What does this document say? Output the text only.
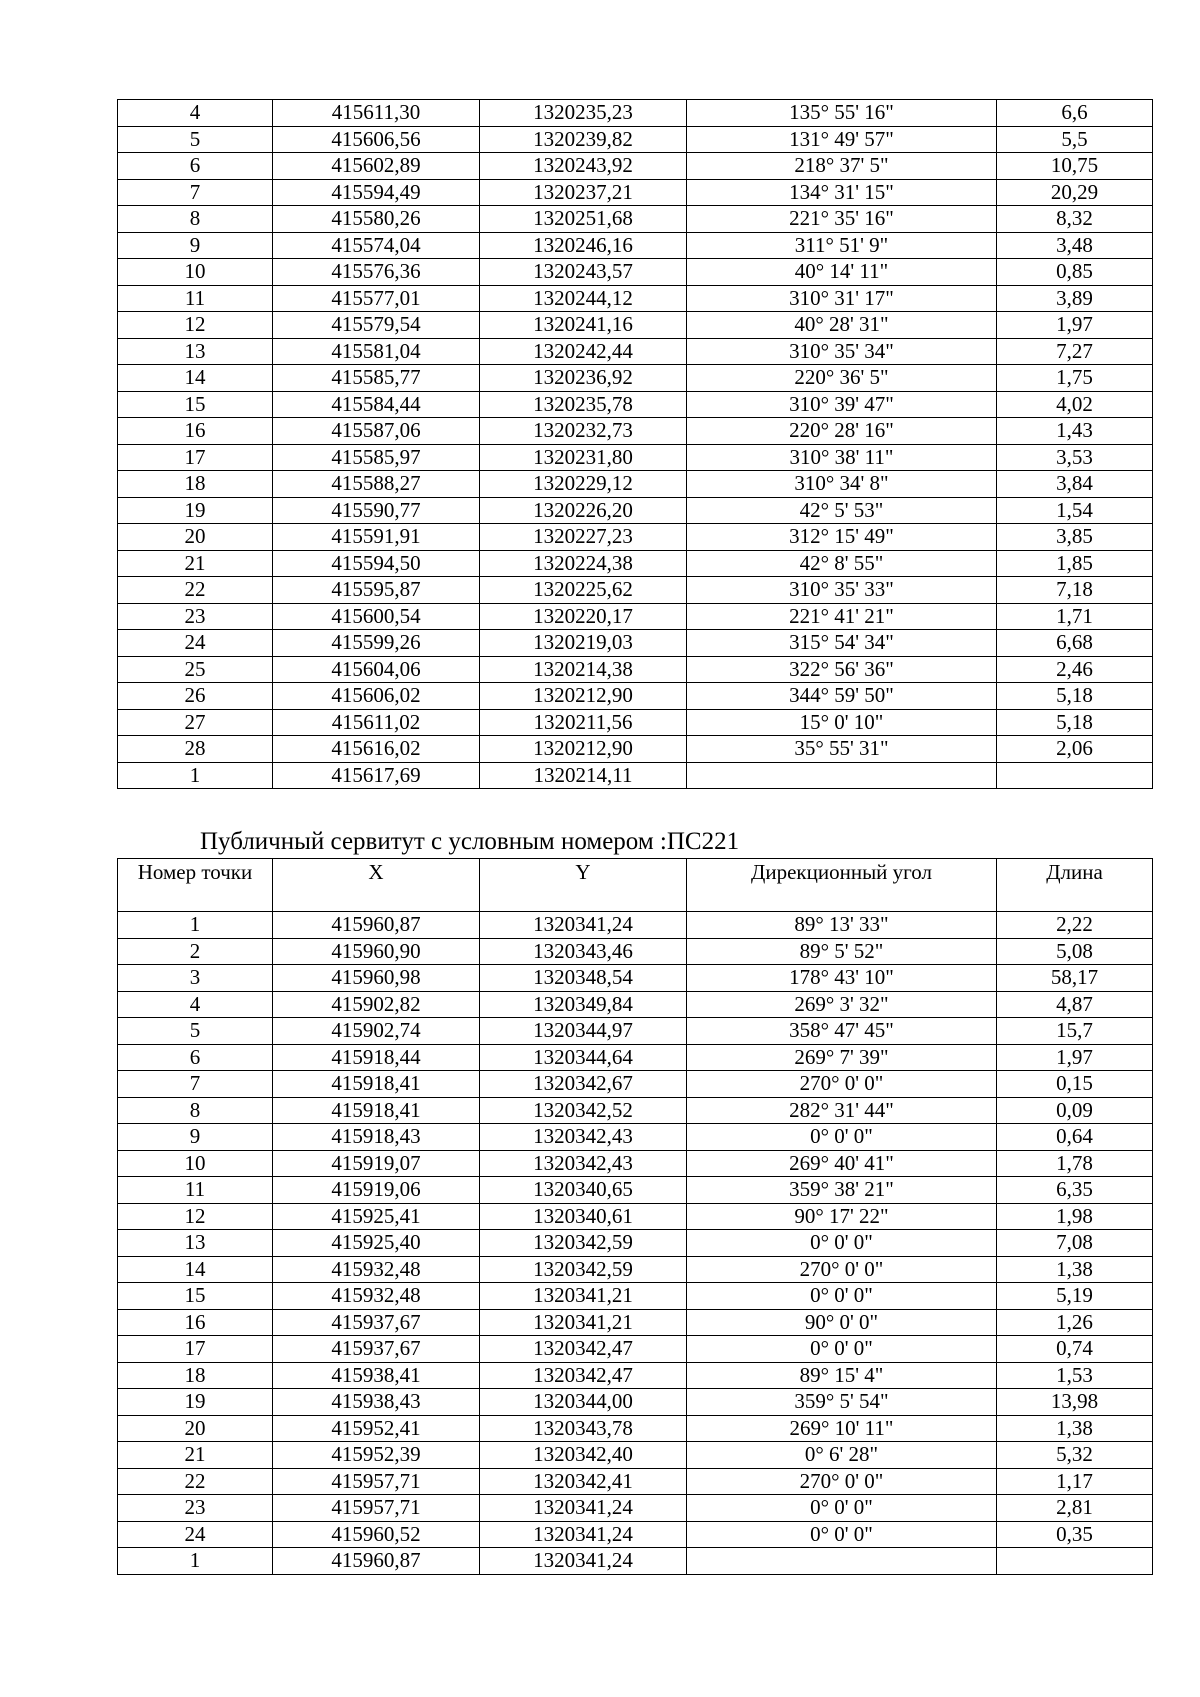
4	415611,30	1320235,23	135° 55' 16"	6,6
5	415606,56	1320239,82	131° 49' 57"	5,5
6	415602,89	1320243,92	218° 37' 5"	10,75
7	415594,49	1320237,21	134° 31' 15"	20,29
8	415580,26	1320251,68	221° 35' 16"	8,32
9	415574,04	1320246,16	311° 51' 9"	3,48
10	415576,36	1320243,57	40° 14' 11"	0,85
11	415577,01	1320244,12	310° 31' 17"	3,89
12	415579,54	1320241,16	40° 28' 31"	1,97
13	415581,04	1320242,44	310° 35' 34"	7,27
14	415585,77	1320236,92	220° 36' 5"	1,75
15	415584,44	1320235,78	310° 39' 47"	4,02
16	415587,06	1320232,73	220° 28' 16"	1,43
17	415585,97	1320231,80	310° 38' 11"	3,53
18	415588,27	1320229,12	310° 34' 8"	3,84
19	415590,77	1320226,20	42° 5' 53"	1,54
20	415591,91	1320227,23	312° 15' 49"	3,85
21	415594,50	1320224,38	42° 8' 55"	1,85
22	415595,87	1320225,62	310° 35' 33"	7,18
23	415600,54	1320220,17	221° 41' 21"	1,71
24	415599,26	1320219,03	315° 54' 34"	6,68
25	415604,06	1320214,38	322° 56' 36"	2,46
26	415606,02	1320212,90	344° 59' 50"	5,18
27	415611,02	1320211,56	15° 0' 10"	5,18
28	415616,02	1320212,90	35° 55' 31"	2,06
1	415617,69	1320214,11		
Публичный сервитут с условным номером :ПС221
Номер точки	X	Y	Дирекционный угол	Длина
1	415960,87	1320341,24	89° 13' 33"	2,22
2	415960,90	1320343,46	89° 5' 52"	5,08
3	415960,98	1320348,54	178° 43' 10"	58,17
4	415902,82	1320349,84	269° 3' 32"	4,87
5	415902,74	1320344,97	358° 47' 45"	15,7
6	415918,44	1320344,64	269° 7' 39"	1,97
7	415918,41	1320342,67	270° 0' 0"	0,15
8	415918,41	1320342,52	282° 31' 44"	0,09
9	415918,43	1320342,43	0° 0' 0"	0,64
10	415919,07	1320342,43	269° 40' 41"	1,78
11	415919,06	1320340,65	359° 38' 21"	6,35
12	415925,41	1320340,61	90° 17' 22"	1,98
13	415925,40	1320342,59	0° 0' 0"	7,08
14	415932,48	1320342,59	270° 0' 0"	1,38
15	415932,48	1320341,21	0° 0' 0"	5,19
16	415937,67	1320341,21	90° 0' 0"	1,26
17	415937,67	1320342,47	0° 0' 0"	0,74
18	415938,41	1320342,47	89° 15' 4"	1,53
19	415938,43	1320344,00	359° 5' 54"	13,98
20	415952,41	1320343,78	269° 10' 11"	1,38
21	415952,39	1320342,40	0° 6' 28"	5,32
22	415957,71	1320342,41	270° 0' 0"	1,17
23	415957,71	1320341,24	0° 0' 0"	2,81
24	415960,52	1320341,24	0° 0' 0"	0,35
1	415960,87	1320341,24		
